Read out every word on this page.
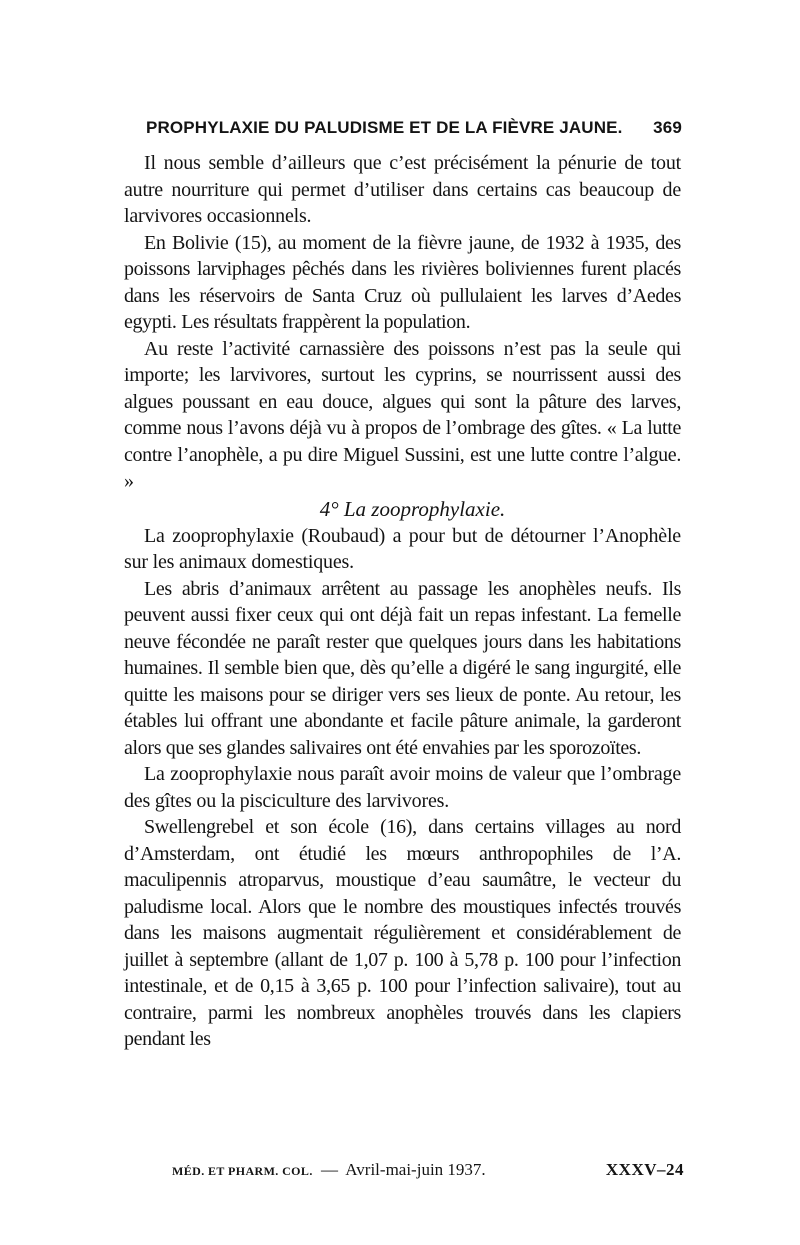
PROPHYLAXIE DU PALUDISME ET DE LA FIÈVRE JAUNE. 369

Il nous semble d’ailleurs que c’est précisément la pénurie de tout autre nourriture qui permet d’utiliser dans certains cas beaucoup de larvivores occasionnels.

En Bolivie (15), au moment de la fièvre jaune, de 1932 à 1935, des poissons larviphages pêchés dans les rivières boliviennes furent placés dans les réservoirs de Santa Cruz où pullulaient les larves d’Aedes egypti. Les résultats frappèrent la population.

Au reste l’activité carnassière des poissons n’est pas la seule qui importe; les larvivores, surtout les cyprins, se nourrissent aussi des algues poussant en eau douce, algues qui sont la pâture des larves, comme nous l’avons déjà vu à propos de l’ombrage des gîtes. « La lutte contre l’anophèle, a pu dire Miguel Sussini, est une lutte contre l’algue. »

4° La zooprophylaxie.

La zooprophylaxie (Roubaud) a pour but de détourner l’Anophèle sur les animaux domestiques.

Les abris d’animaux arrêtent au passage les anophèles neufs. Ils peuvent aussi fixer ceux qui ont déjà fait un repas infestant. La femelle neuve fécondée ne paraît rester que quelques jours dans les habitations humaines. Il semble bien que, dès qu’elle a digéré le sang ingurgité, elle quitte les maisons pour se diriger vers ses lieux de ponte. Au retour, les étables lui offrant une abondante et facile pâture animale, la garderont alors que ses glandes salivaires ont été envahies par les sporozoïtes.

La zooprophylaxie nous paraît avoir moins de valeur que l’ombrage des gîtes ou la pisciculture des larvivores.

Swellengrebel et son école (16), dans certains villages au nord d’Amsterdam, ont étudié les mœurs anthropophiles de l’A. maculipennis atroparvus, moustique d’eau saumâtre, le vecteur du paludisme local. Alors que le nombre des moustiques infectés trouvés dans les maisons augmentait régulièrement et considérablement de juillet à septembre (allant de 1,07 p. 100 à 5,78 p. 100 pour l’infection intestinale, et de 0,15 à 3,65 p. 100 pour l’infection salivaire), tout au contraire, parmi les nombreux anophèles trouvés dans les clapiers pendant les

MÉD. ET PHARM. COL. — Avril-mai-juin 1937.	XXXV–24
